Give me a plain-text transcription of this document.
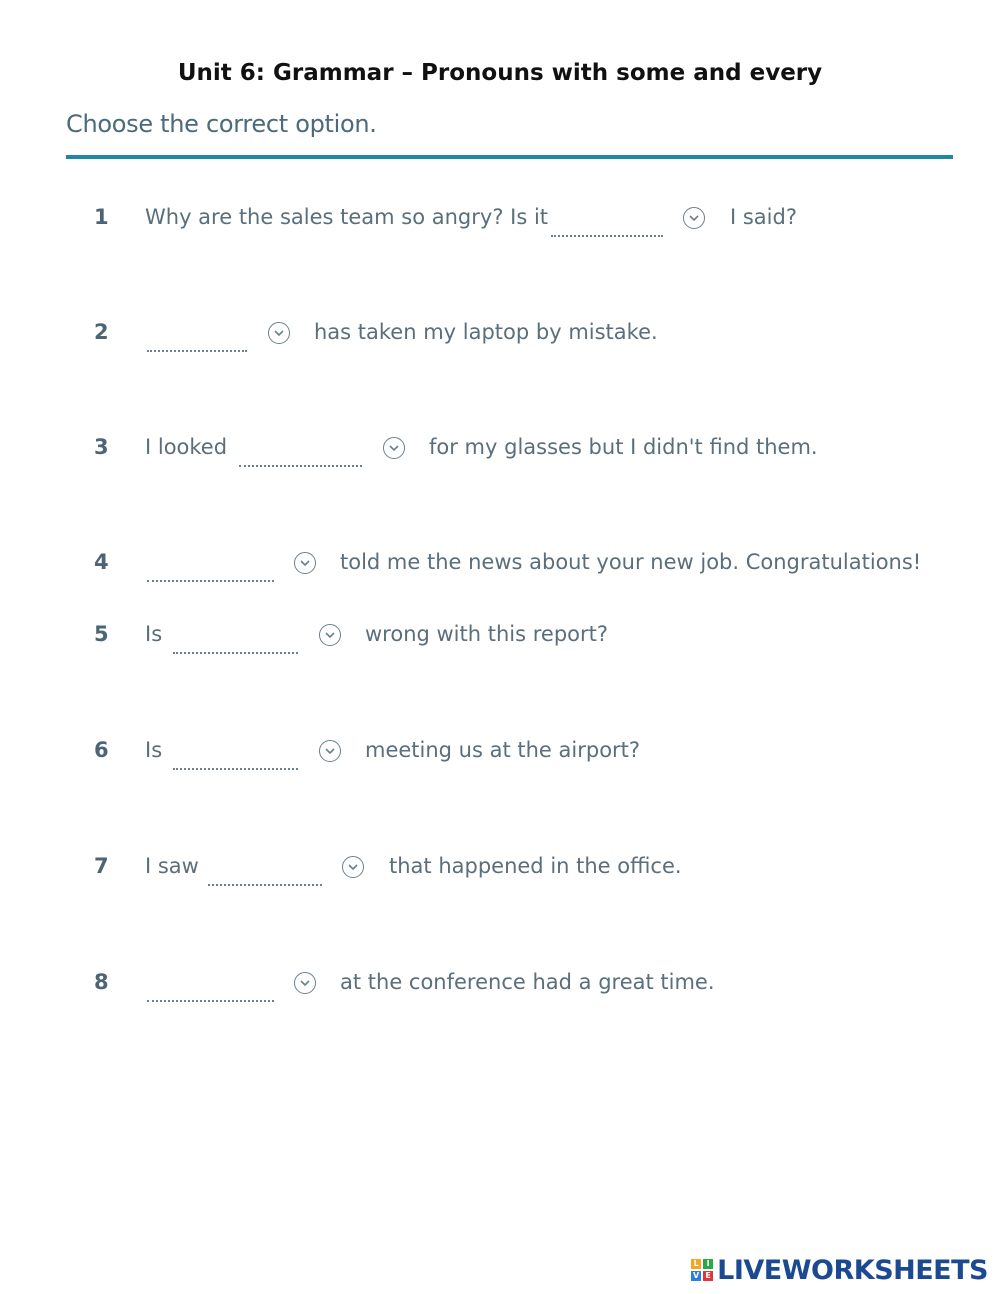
Unit 6: Grammar – Pronouns with some and every
Choose the correct option.
1 Why are the sales team so angry? Is it	I said?
2	has taken my laptop by mistake.
3 I looked	for my glasses but I didn't find them.
4	told me the news about your new job. Congratulations!
5 Is	wrong with this report?
6 Is	meeting us at the airport?
7 I saw	that happened in the office.
8	at the conference had a great time.
L I
V E LIVEWORKSHEETS
